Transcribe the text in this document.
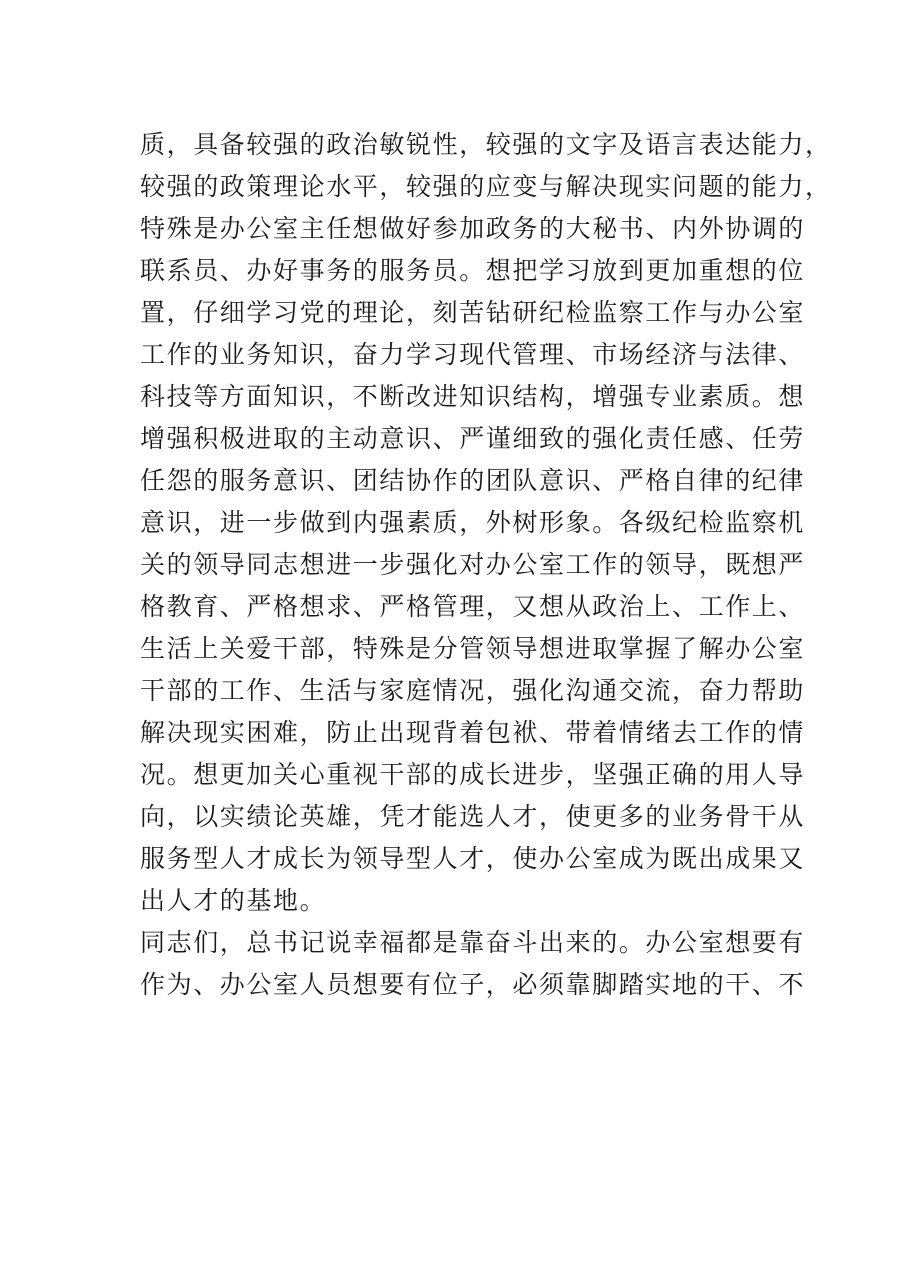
质，具备较强的政治敏锐性，较强的文字及语言表达能力，
较强的政策理论水平，较强的应变与解决现实问题的能力，
特殊是办公室主任想做好参加政务的大秘书、内外协调的
联系员、办好事务的服务员。想把学习放到更加重想的位
置，仔细学习党的理论，刻苦钻研纪检监察工作与办公室
工作的业务知识，奋力学习现代管理、市场经济与法律、
科技等方面知识，不断改进知识结构，增强专业素质。想
增强积极进取的主动意识、严谨细致的强化责任感、任劳
任怨的服务意识、团结协作的团队意识、严格自律的纪律
意识，进一步做到内强素质，外树形象。各级纪检监察机
关的领导同志想进一步强化对办公室工作的领导，既想严
格教育、严格想求、严格管理，又想从政治上、工作上、
生活上关爱干部，特殊是分管领导想进取掌握了解办公室
干部的工作、生活与家庭情况，强化沟通交流，奋力帮助
解决现实困难，防止出现背着包袱、带着情绪去工作的情
况。想更加关心重视干部的成长进步，坚强正确的用人导
向，以实绩论英雄，凭才能选人才，使更多的业务骨干从
服务型人才成长为领导型人才，使办公室成为既出成果又
出人才的基地。
同志们，总书记说幸福都是靠奋斗出来的。办公室想要有
作为、办公室人员想要有位子，必须靠脚踏实地的干、不
